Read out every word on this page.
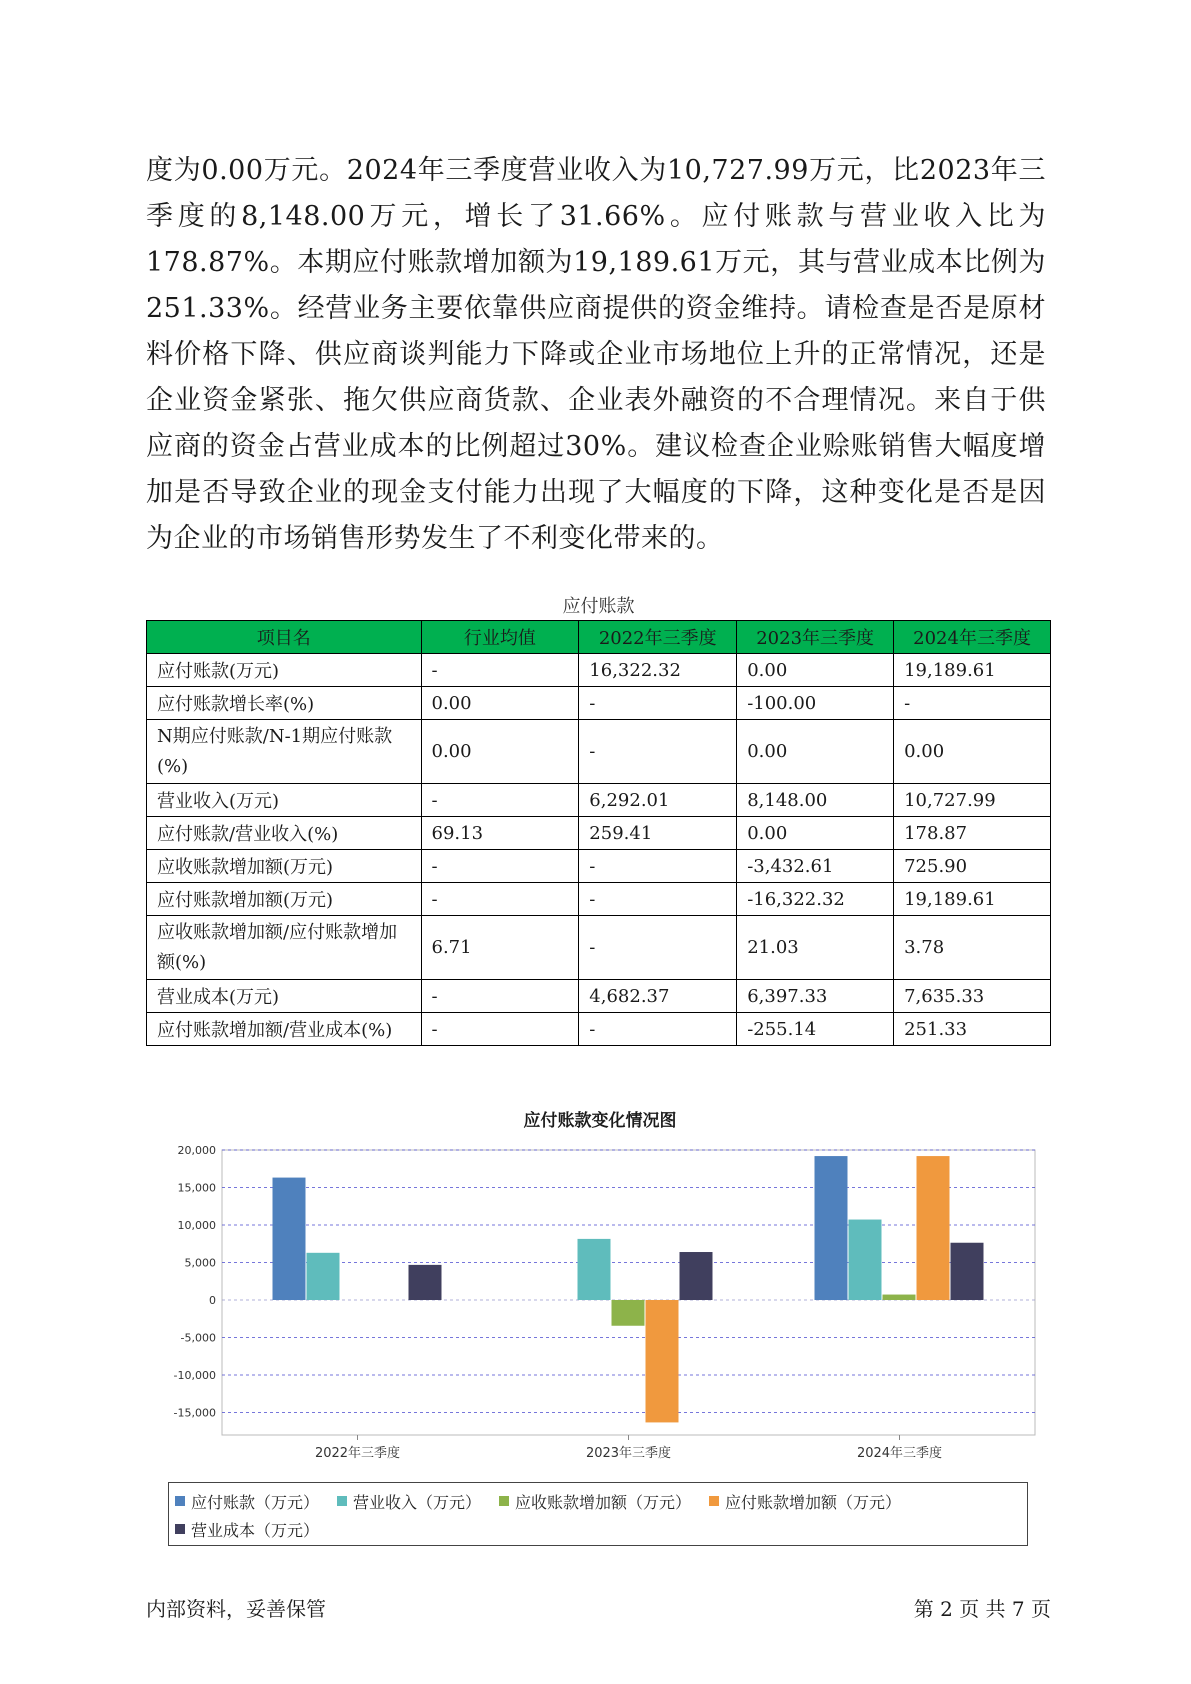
度为0.00万元。2024年三季度营业收入为10,727.99万元，比2023年三季度的8,148.00万元，增长了31.66%。应付账款与营业收入比为178.87%。本期应付账款增加额为19,189.61万元，其与营业成本比例为251.33%。经营业务主要依靠供应商提供的资金维持。请检查是否是原材料价格下降、供应商谈判能力下降或企业市场地位上升的正常情况，还是企业资金紧张、拖欠供应商货款、企业表外融资的不合理情况。来自于供应商的资金占营业成本的比例超过30%。建议检查企业赊账销售大幅度增加是否导致企业的现金支付能力出现了大幅度的下降，这种变化是否是因为企业的市场销售形势发生了不利变化带来的。

应付账款
项目名	行业均值	2022年三季度	2023年三季度	2024年三季度
应付账款(万元)	-	16,322.32	0.00	19,189.61
应付账款增长率(%)	0.00	-	-100.00	-
N期应付账款/N-1期应付账款(%)	0.00	-	0.00	0.00
营业收入(万元)	-	6,292.01	8,148.00	10,727.99
应付账款/营业收入(%)	69.13	259.41	0.00	178.87
应收账款增加额(万元)	-	-	-3,432.61	725.90
应付账款增加额(万元)	-	-	-16,322.32	19,189.61
应收账款增加额/应付账款增加额(%)	6.71	-	21.03	3.78
营业成本(万元)	-	4,682.37	6,397.33	7,635.33
应付账款增加额/营业成本(%)	-	-	-255.14	251.33
应付账款变化情况图
20,000
15,000
10,000
5,000
0
-5,000
-10,000
-15,000
2022年三季度	2023年三季度	2024年三季度
应付账款（万元） 营业收入（万元） 应收账款增加额（万元） 应付账款增加额（万元）
营业成本（万元）
内部资料，妥善保管	第 2 页 共 7 页
